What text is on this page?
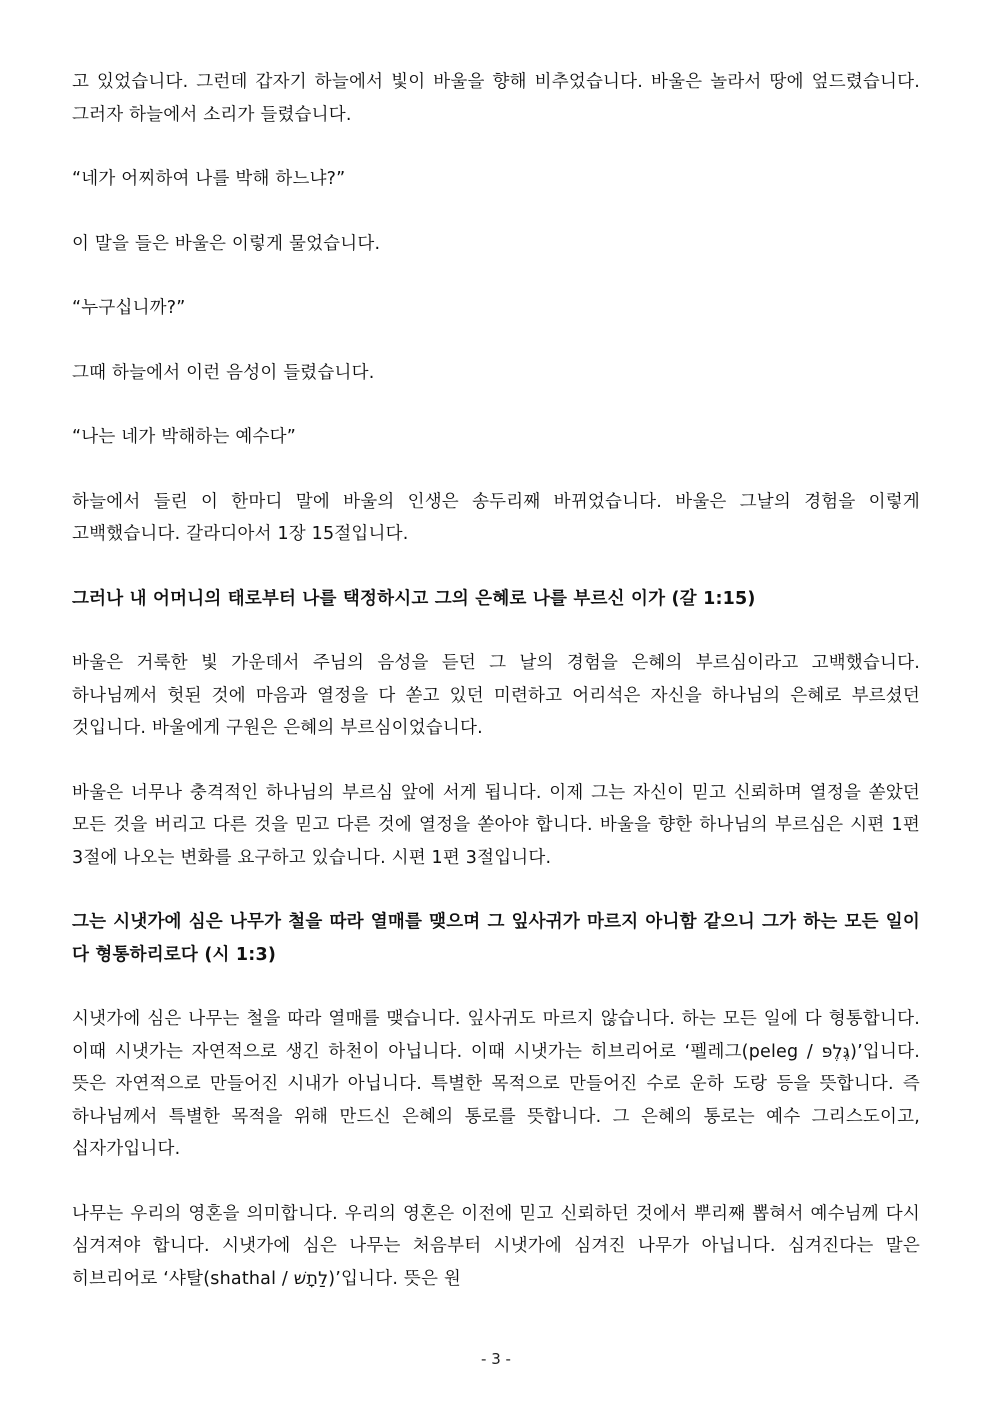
고 있었습니다. 그런데 갑자기 하늘에서 빛이 바울을 향해 비추었습니다. 바울은 놀라서 땅에 엎드렸습니다. 그러자 하늘에서 소리가 들렸습니다.

“네가 어찌하여 나를 박해 하느냐?”

이 말을 들은 바울은 이렇게 물었습니다.

“누구십니까?”

그때 하늘에서 이런 음성이 들렸습니다.

“나는 네가 박해하는 예수다”

하늘에서 들린 이 한마디 말에 바울의 인생은 송두리째 바뀌었습니다. 바울은 그날의 경험을 이렇게 고백했습니다. 갈라디아서 1장 15절입니다.

그러나 내 어머니의 태로부터 나를 택정하시고 그의 은혜로 나를 부르신 이가 (갈 1:15)

바울은 거룩한 빛 가운데서 주님의 음성을 듣던 그 날의 경험을 은혜의 부르심이라고 고백했습니다. 하나님께서 헛된 것에 마음과 열정을 다 쏟고 있던 미련하고 어리석은 자신을 하나님의 은혜로 부르셨던 것입니다. 바울에게 구원은 은혜의 부르심이었습니다.

바울은 너무나 충격적인 하나님의 부르심 앞에 서게 됩니다. 이제 그는 자신이 믿고 신뢰하며 열정을 쏟았던 모든 것을 버리고 다른 것을 믿고 다른 것에 열정을 쏟아야 합니다. 바울을 향한 하나님의 부르심은 시편 1편 3절에 나오는 변화를 요구하고 있습니다. 시편 1편 3절입니다.

그는 시냇가에 심은 나무가 철을 따라 열매를 맺으며 그 잎사귀가 마르지 아니함 같으니 그가 하는 모든 일이 다 형통하리로다 (시 1:3)

시냇가에 심은 나무는 철을 따라 열매를 맺습니다. 잎사귀도 마르지 않습니다. 하는 모든 일에 다 형통합니다. 이때 시냇가는 자연적으로 생긴 하천이 아닙니다. 이때 시냇가는 히브리어로 ‘펠레그(peleg / גֶּלֶפּ)’입니다. 뜻은 자연적으로 만들어진 시내가 아닙니다. 특별한 목적으로 만들어진 수로 운하 도랑 등을 뜻합니다. 즉 하나님께서 특별한 목적을 위해 만드신 은혜의 통로를 뜻합니다. 그 은혜의 통로는 예수 그리스도이고, 십자가입니다.

나무는 우리의 영혼을 의미합니다. 우리의 영혼은 이전에 믿고 신뢰하던 것에서 뿌리째 뽑혀서 예수님께 다시 심겨져야 합니다. 시냇가에 심은 나무는 처음부터 시냇가에 심겨진 나무가 아닙니다. 심겨진다는 말은 히브리어로 ‘샤탈(shathal / לַתָשׁ)’입니다. 뜻은 원

- 3 -
